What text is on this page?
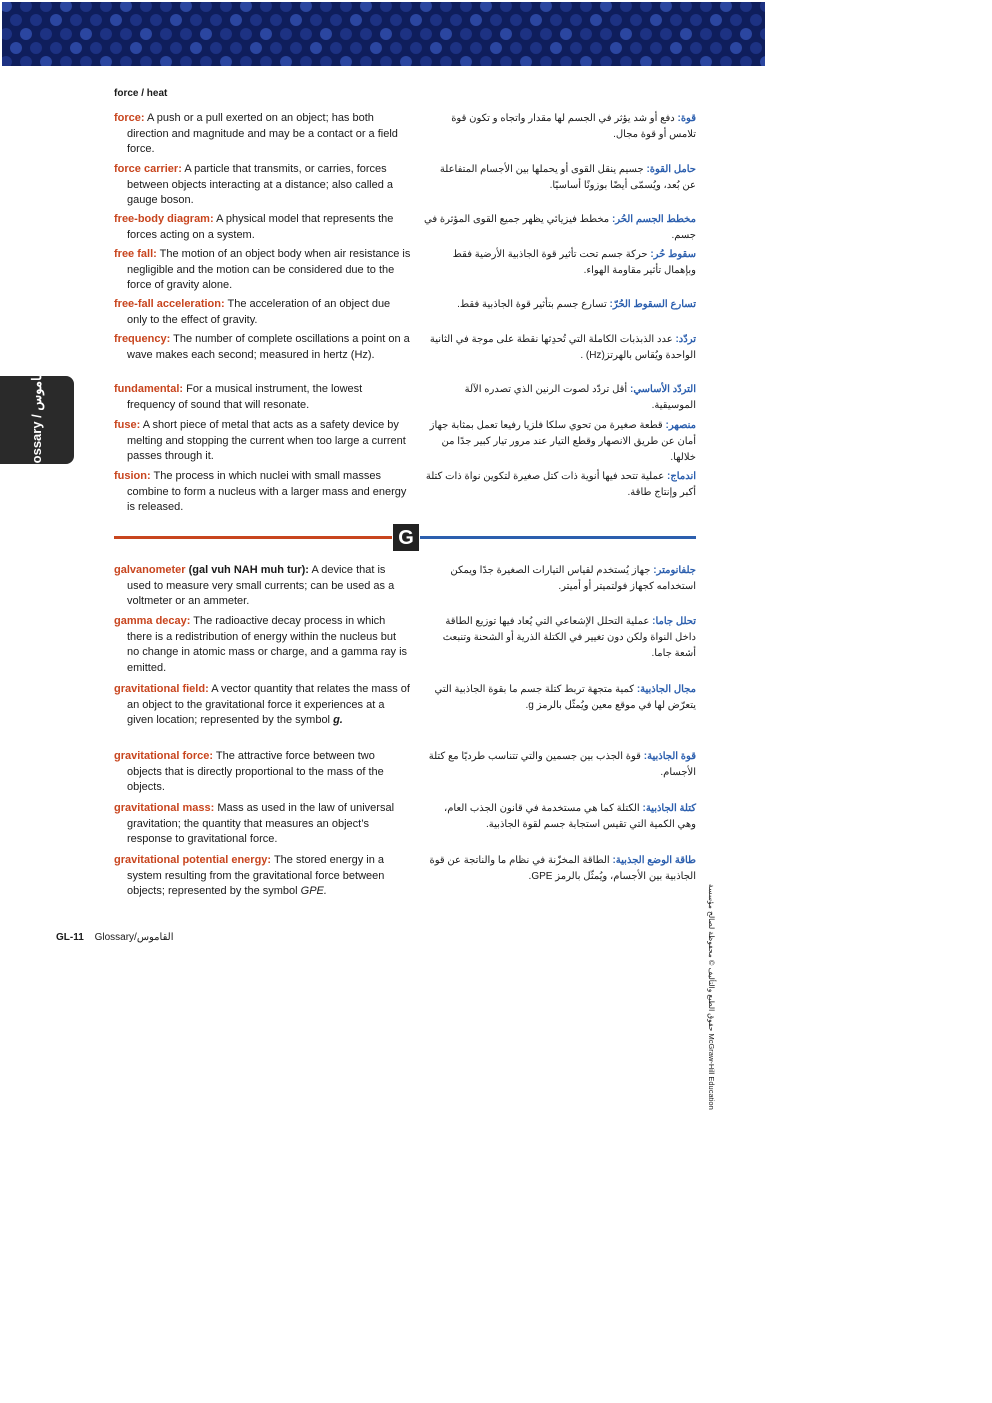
force / heat
Glossary / القاموس
force: A push or a pull exerted on an object; has both direction and magnitude and may be a contact or a field force.
قوة: دفع أو شد يؤثر في الجسم لها مقدار واتجاه و تكون قوة تلامس أو قوة مجال.
force carrier: A particle that transmits, or carries, forces between objects interacting at a distance; also called a gauge boson.
حامل القوة: جسيم ينقل القوى أو يحملها بين الأجسام المتفاعلة عن بُعد، ويُسمّى أيضًا بوزونًا أساسيًا.
free-body diagram: A physical model that represents the forces acting on a system.
مخطط الجسم الحُر: مخطط فيزيائي يظهر جميع القوى المؤثرة في جسم.
free fall: The motion of an object body when air resistance is negligible and the motion can be considered due to the force of gravity alone.
سقوط حُر: حركة جسم تحت تأثير قوة الجاذبية الأرضية فقط وبإهمال تأثير مقاومة الهواء.
free-fall acceleration: The acceleration of an object due only to the effect of gravity.
تسارع السقوط الحُرّ: تسارع جسم بتأثير قوة الجاذبية فقط.
frequency: The number of complete oscillations a point on a wave makes each second; measured in hertz (Hz).
تردّد: عدد الذبذبات الكاملة التي تُحدِثها نقطة على موجة في الثانية الواحدة ويُقاس بالهرتز(Hz) .
fundamental: For a musical instrument, the lowest frequency of sound that will resonate.
التردّد الأساسي: أقل تردّد لصوت الرنين الذي تصدره الآلة الموسيقية.
fuse: A short piece of metal that acts as a safety device by melting and stopping the current when too large a current passes through it.
منصهر: قطعة صغيرة من تحوي سلكا فلزيا رفيعا تعمل بمثابة جهاز أمان عن طريق الانصهار وقطع التيار عند مرور تيار كبير جدًا من خلالها.
fusion: The process in which nuclei with small masses combine to form a nucleus with a larger mass and energy is released.
اندماج: عملية تتحد فيها أنوية ذات كتل صغيرة لتكوين نواة ذات كتلة أكبر وإنتاج طاقة.
G
galvanometer (gal vuh NAH muh tur): A device that is used to measure very small currents; can be used as a voltmeter or an ammeter.
جلفانومتر: جهاز يُستخدم لقياس التيارات الصغيرة جدًا ويمكن استخدامه كجهاز فولتميتر أو أميتر.
gamma decay: The radioactive decay process in which there is a redistribution of energy within the nucleus but no change in atomic mass or charge, and a gamma ray is emitted.
تحلل جاما: عملية التحلل الإشعاعي التي يُعاد فيها توزيع الطاقة داخل النواة ولكن دون تغيير في الكتلة الذرية أو الشحنة وتنبعث أشعة جاما.
gravitational field: A vector quantity that relates the mass of an object to the gravitational force it experiences at a given location; represented by the symbol g.
مجال الجاذبية: كمية متجهة تربط كتلة جسم ما بقوة الجاذبية التي يتعرّض لها في موقع معين ويُمثّل بالرمز g.
gravitational force: The attractive force between two objects that is directly proportional to the mass of the objects.
قوة الجاذبية: قوة الجذب بين جسمين والتي تتناسب طرديًا مع كتلة الأجسام.
gravitational mass: Mass as used in the law of universal gravitation; the quantity that measures an object’s response to gravitational force.
كتلة الجاذبية: الكتلة كما هي مستخدمة في قانون الجذب العام، وهي الكمية التي تقيس استجابة جسم لقوة الجاذبية.
gravitational potential energy: The stored energy in a system resulting from the gravitational force between objects; represented by the symbol GPE.
طاقة الوضع الجذبية: الطاقة المخزّنة في نظام ما والناتجة عن قوة الجاذبية بين الأجسام، ويُمثّل بالرمز GPE.
حقوق الطبع والتأليف © محفوظة لصالح مؤسسة McGraw-Hill Education
GL-11 Glossary/القاموس
